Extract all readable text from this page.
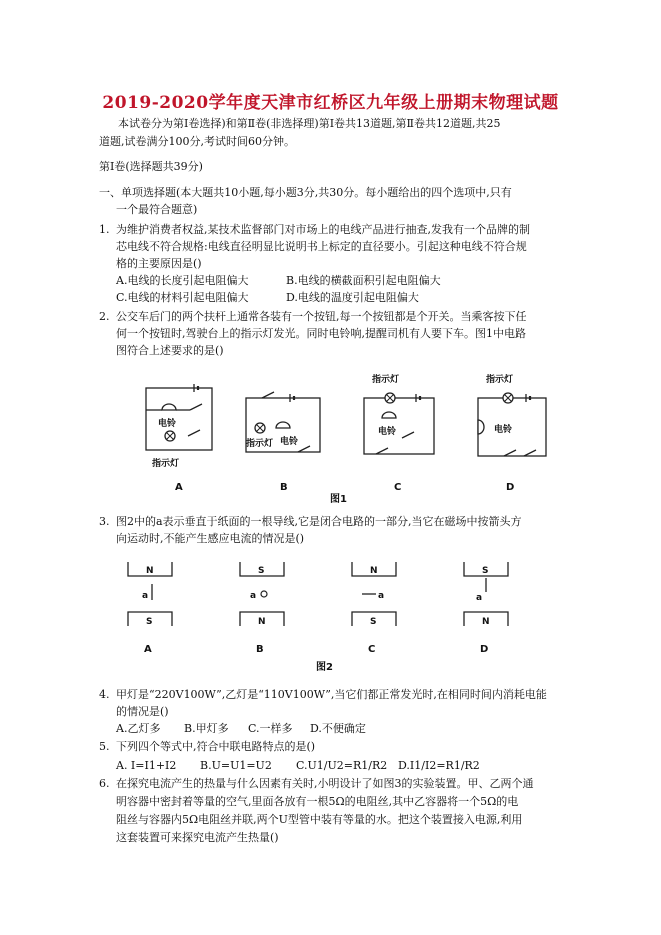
2019-2020学年度天津市红桥区九年级上册期末物理试题
本试卷分为第Ⅰ卷选择)和第Ⅱ卷(非选择理)第Ⅰ卷共13道题,第Ⅱ卷共12道题,共25
道题,试卷满分100分,考试时间60分钟。
第Ⅰ卷(选择题共39分)
一、单项选择题(本大题共10小题,每小题3分,共30分。每小题给出的四个选项中,只有
一个最符合题意)
1. 为维护消费者权益,某技术监督部门对市场上的电线产品进行抽查,发我有一个品牌的制
芯电线不符合规格:电线直径明显比说明书上标定的直径要小。引起这种电线不符合规
格的主要原因是()
A.电线的长度引起电阻偏大	B.电线的横截面积引起电阻偏大
C.电线的材料引起电阻偏大	D.电线的温度引起电阻偏大
2. 公交车后门的两个扶杆上通常各装有一个按钮,每一个按钮都是个开关。当乘客按下任
何一个按钮时,驾驶台上的指示灯发光。同时电铃响,提醒司机有人要下车。图1中电路
图符合上述要求的是()
电铃
指示灯
A
指示灯 电铃
B
指示灯
电铃
C
指示灯
电铃
D
图1
3. 图2中的a表示垂直于纸面的一根导线,它是闭合电路的一部分,当它在磁场中按箭头方
向运动时,不能产生感应电流的情况是()
N
S
a
A
S
N
a
B
N
S
a
C
S
N
a
D
图2
4. 甲灯是“220V100W”,乙灯是“110V100W”,当它们都正常发光时,在相同时间内消耗电能
的情况是()
A.乙灯多 B.甲灯多 C.一样多 D.不便确定
5. 下列四个等式中,符合中联电路特点的是()
A. I=I1+I2 B.U=U1=U2 C.U1/U2=R1/R2 D.I1/I2=R1/R2
6. 在探究电流产生的热量与什么因素有关时,小明设计了如图3的实验装置。甲、乙两个通
明容器中密封着等量的空气,里面各放有一根5Ω的电阻丝,其中乙容器将一个5Ω的电
阻丝与容器内5Ω电阻丝并联,两个U型管中装有等量的水。把这个装置接入电源,利用
这套装置可来探究电流产生热量()
